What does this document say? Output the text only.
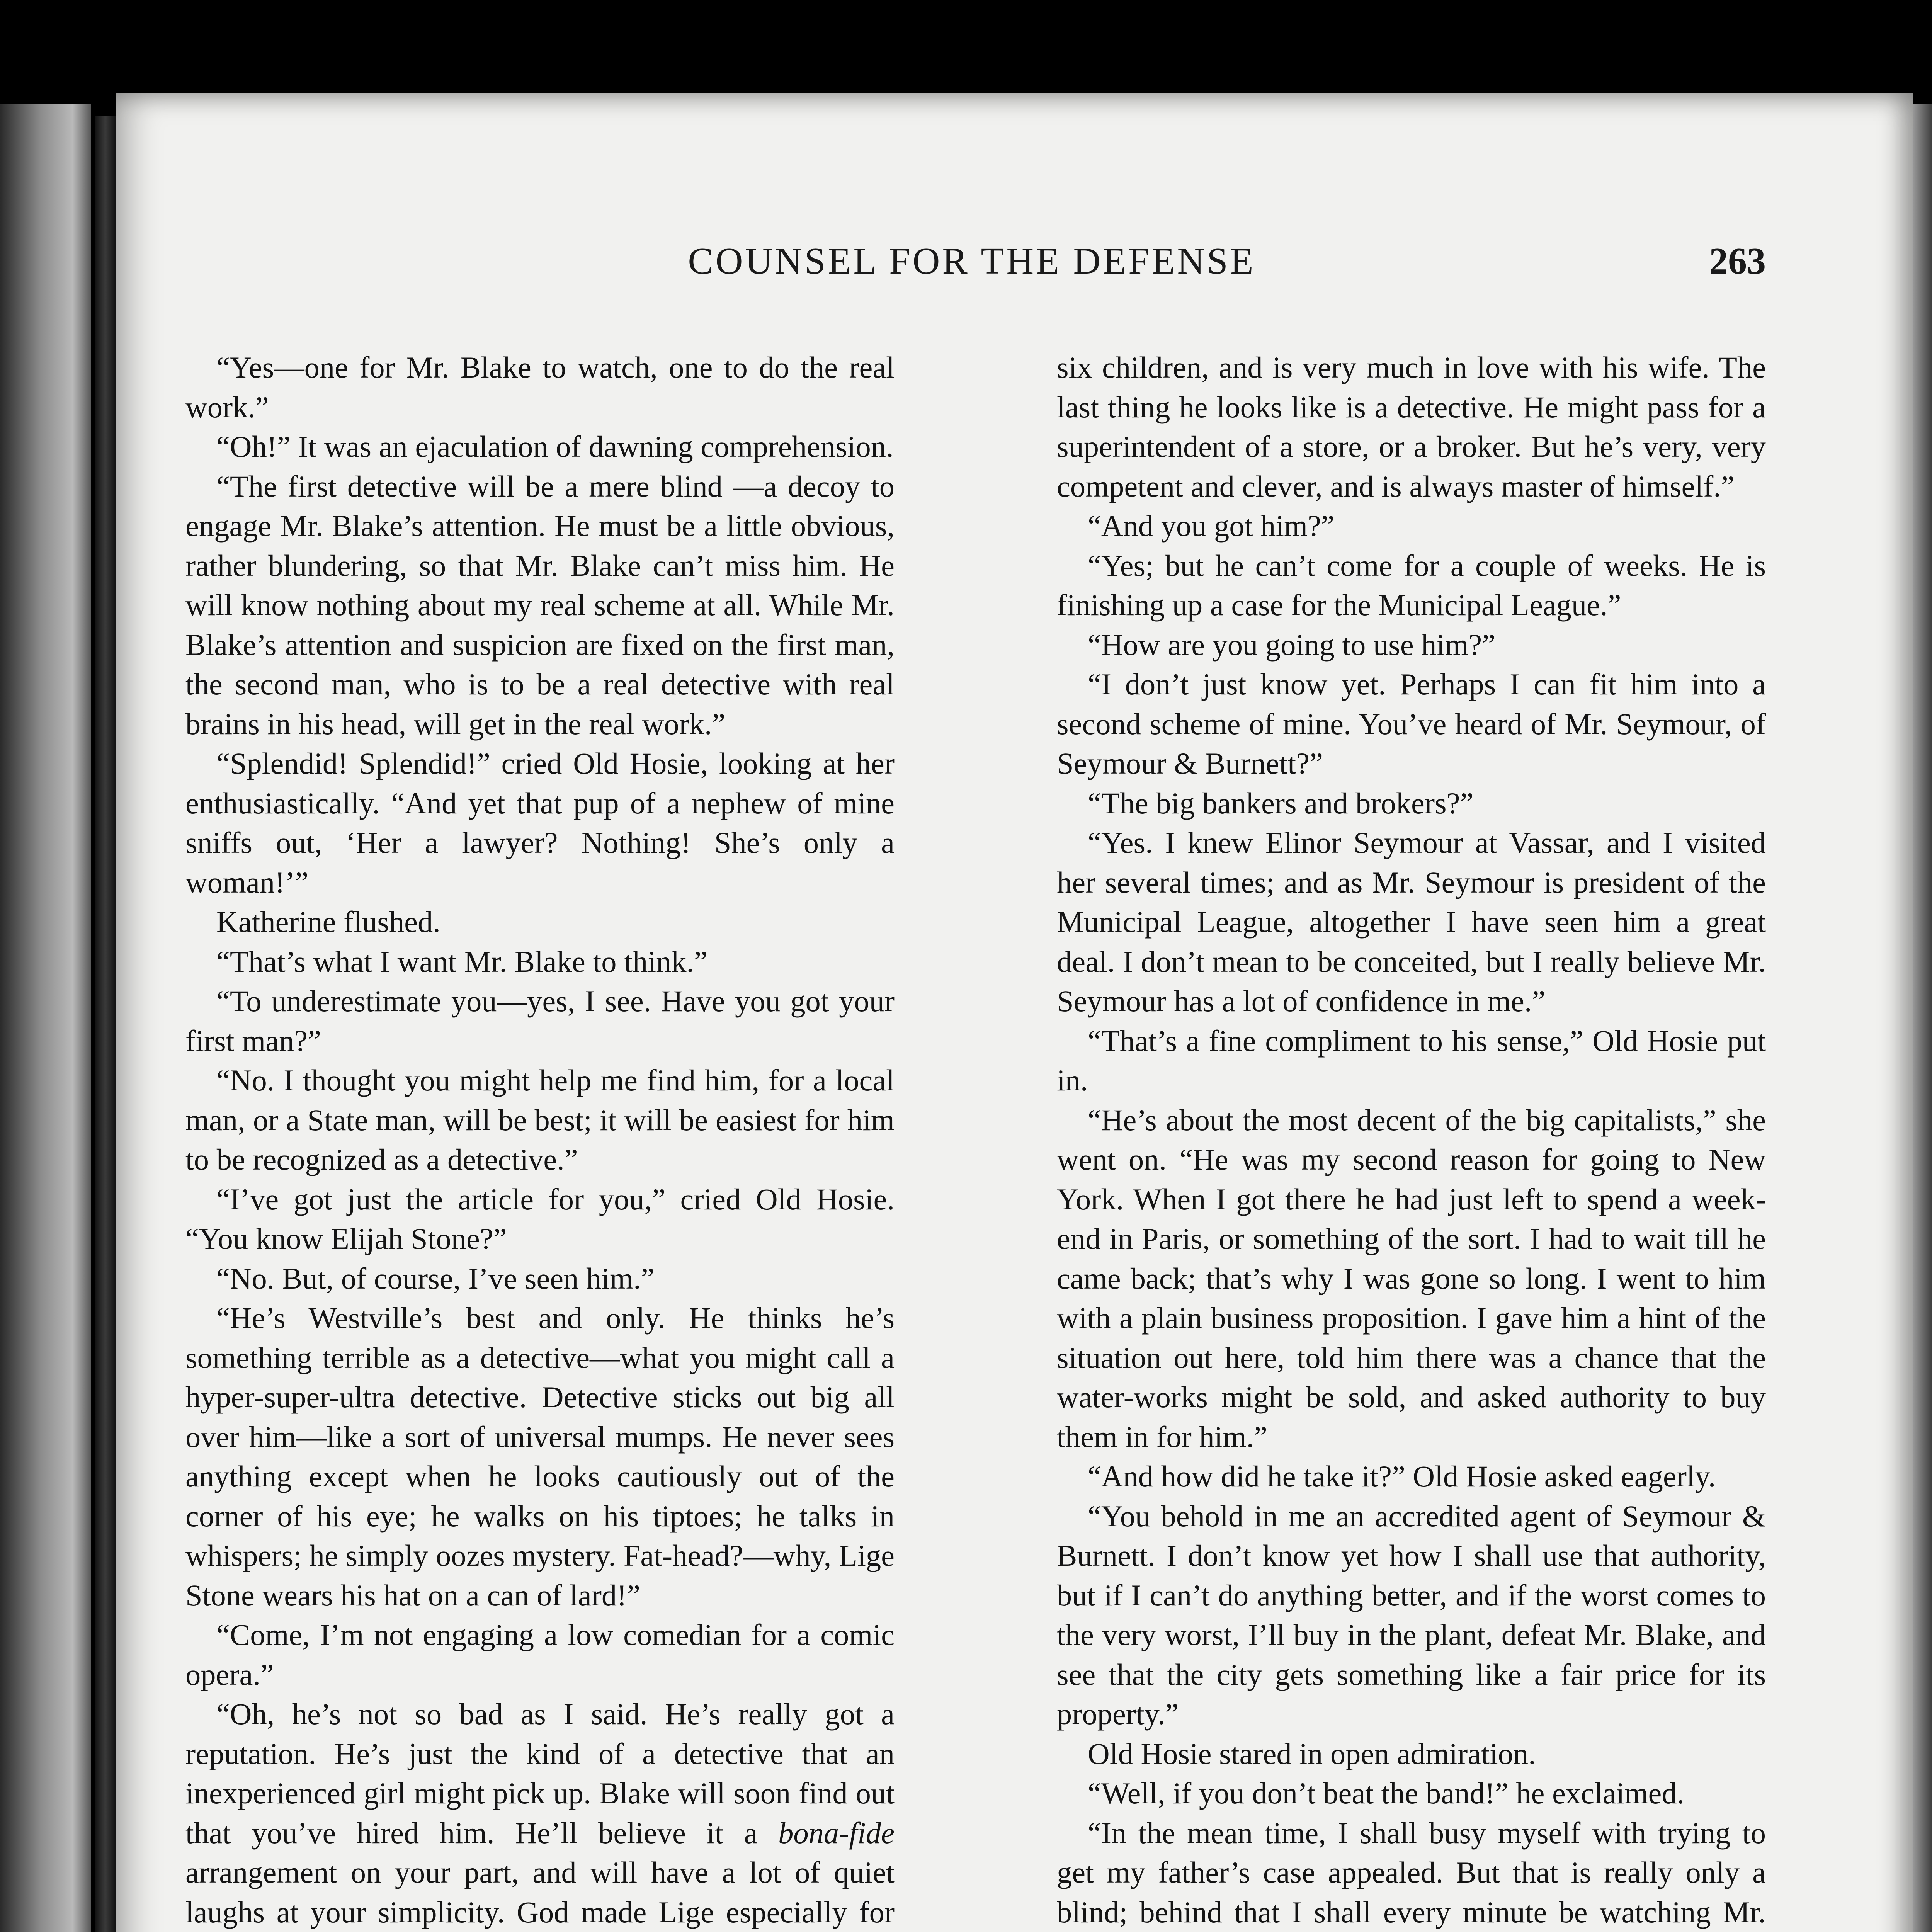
COUNSEL FOR THE DEFENSE	263

“Yes—one for Mr. Blake to watch, one to do the real work.”

“Oh!” It was an ejaculation of dawning comprehension.

“The first detective will be a mere blind —a decoy to engage Mr. Blake’s attention. He must be a little obvious, rather blundering, so that Mr. Blake can’t miss him. He will know nothing about my real scheme at all. While Mr. Blake’s attention and suspicion are fixed on the first man, the second man, who is to be a real detective with real brains in his head, will get in the real work.”

“Splendid! Splendid!” cried Old Hosie, looking at her enthusiastically. “And yet that pup of a nephew of mine sniffs out, ‘Her a lawyer? Nothing! She’s only a woman!’”

Katherine flushed.

“That’s what I want Mr. Blake to think.”

“To underestimate you—yes, I see. Have you got your first man?”

“No. I thought you might help me find him, for a local man, or a State man, will be best; it will be easiest for him to be recognized as a detective.”

“I’ve got just the article for you,” cried Old Hosie. “You know Elijah Stone?”

“No. But, of course, I’ve seen him.”

“He’s Westville’s best and only. He thinks he’s something terrible as a detective—what you might call a hyper-super-ultra detective. Detective sticks out big all over him—like a sort of universal mumps. He never sees anything except when he looks cautiously out of the corner of his eye; he walks on his tiptoes; he talks in whispers; he simply oozes mystery. Fat-head?—why, Lige Stone wears his hat on a can of lard!”

“Come, I’m not engaging a low comedian for a comic opera.”

“Oh, he’s not so bad as I said. He’s really got a reputation. He’s just the kind of a detective that an inexperienced girl might pick up. Blake will soon find out that you’ve hired him. He’ll believe it a bona-fide arrangement on your part, and will have a lot of quiet laughs at your simplicity. God made Lige especially for

six children, and is very much in love with his wife. The last thing he looks like is a detective. He might pass for a superintendent of a store, or a broker. But he’s very, very competent and clever, and is always master of himself.”

“And you got him?”

“Yes; but he can’t come for a couple of weeks. He is finishing up a case for the Municipal League.”

“How are you going to use him?”

“I don’t just know yet. Perhaps I can fit him into a second scheme of mine. You’ve heard of Mr. Seymour, of Seymour & Burnett?”

“The big bankers and brokers?”

“Yes. I knew Elinor Seymour at Vassar, and I visited her several times; and as Mr. Seymour is president of the Municipal League, altogether I have seen him a great deal. I don’t mean to be conceited, but I really believe Mr. Seymour has a lot of confidence in me.”

“That’s a fine compliment to his sense,” Old Hosie put in.

“He’s about the most decent of the big capitalists,” she went on. “He was my second reason for going to New York. When I got there he had just left to spend a week-end in Paris, or something of the sort. I had to wait till he came back; that’s why I was gone so long. I went to him with a plain business proposition. I gave him a hint of the situation out here, told him there was a chance that the water-works might be sold, and asked authority to buy them in for him.”

“And how did he take it?” Old Hosie asked eagerly.

“You behold in me an accredited agent of Seymour & Burnett. I don’t know yet how I shall use that authority, but if I can’t do anything better, and if the worst comes to the very worst, I’ll buy in the plant, defeat Mr. Blake, and see that the city gets something like a fair price for its property.”

Old Hosie stared in open admiration.

“Well, if you don’t beat the band!” he exclaimed.

“In the mean time, I shall busy myself with trying to get my father’s case appealed. But that is really only a blind; behind that I shall every minute be watching Mr.
